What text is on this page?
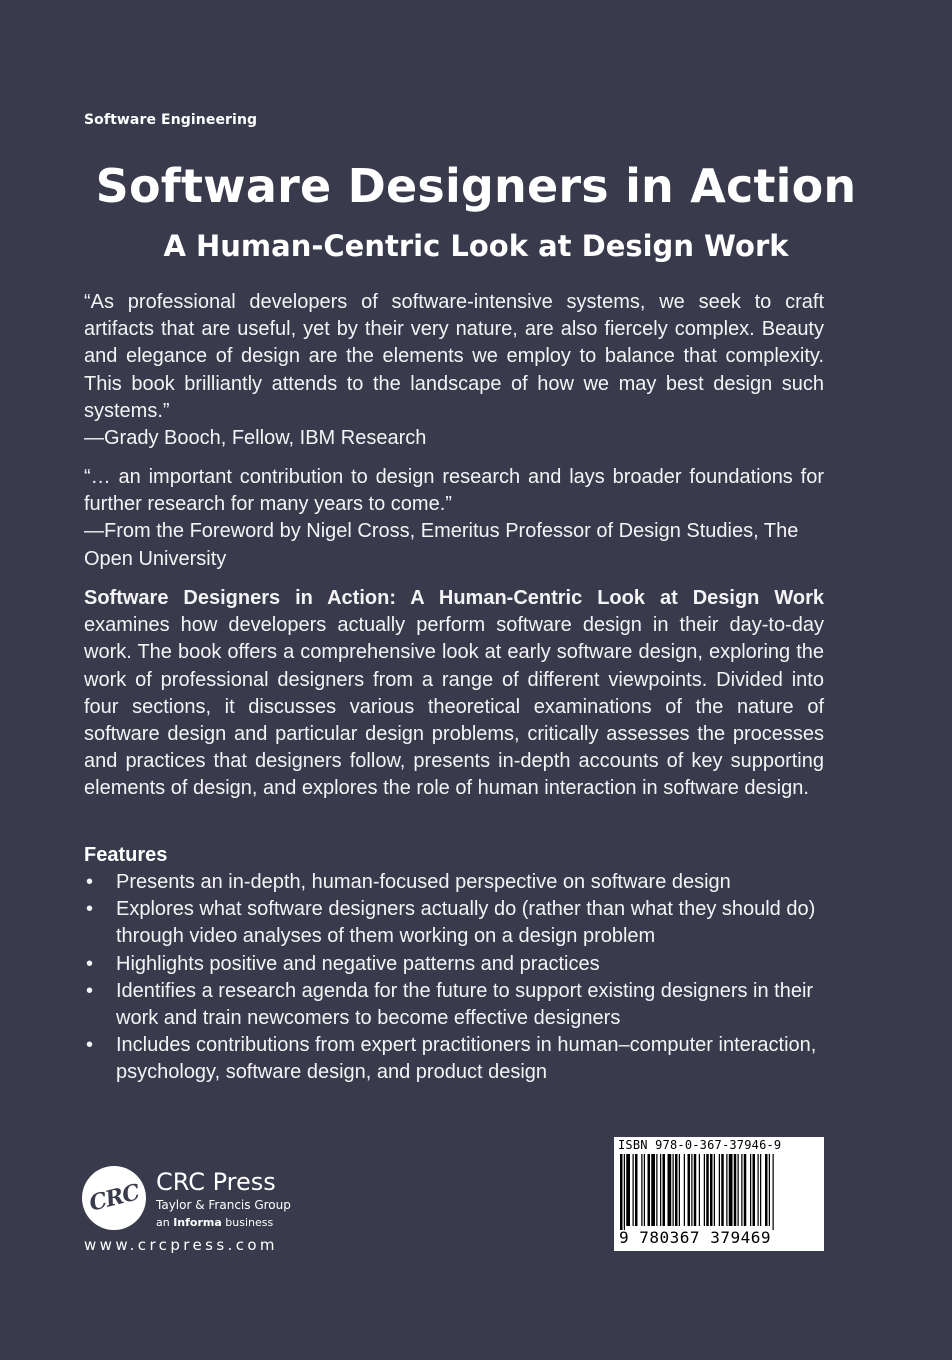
Software Engineering
Software Designers in Action
A Human-Centric Look at Design Work

“As professional developers of software-intensive systems, we seek to craft artifacts that are useful, yet by their very nature, are also fiercely complex. Beauty and elegance of design are the elements we employ to balance that complexity. This book brilliantly attends to the landscape of how we may best design such systems.”

—Grady Booch, Fellow, IBM Research

“… an important contribution to design research and lays broader foundations for further research for many years to come.”

—From the Foreword by Nigel Cross, Emeritus Professor of Design Studies, The Open University

Software Designers in Action: A Human-Centric Look at Design Work examines how developers actually perform software design in their day-to-day work. The book offers a comprehensive look at early software design, exploring the work of professional designers from a range of different viewpoints. Divided into four sections, it discusses various theoretical examinations of the nature of software design and particular design problems, critically assesses the processes and practices that designers follow, presents in-depth accounts of key supporting elements of design, and explores the role of human interaction in software design.

Features
• Presents an in-depth, human-focused perspective on software design
• Explores what software designers actually do (rather than what they should do) through video analyses of them working on a design problem
• Highlights positive and negative patterns and practices
• Identifies a research agenda for the future to support existing designers in their work and train newcomers to become effective designers
• Includes contributions from expert practitioners in human–computer interaction, psychology, software design, and product design
CRC CRC Press
Taylor & Francis Group
an Informa business
www.crcpress.com
ISBN 978-0-367-37946-9
9 780367 379469
